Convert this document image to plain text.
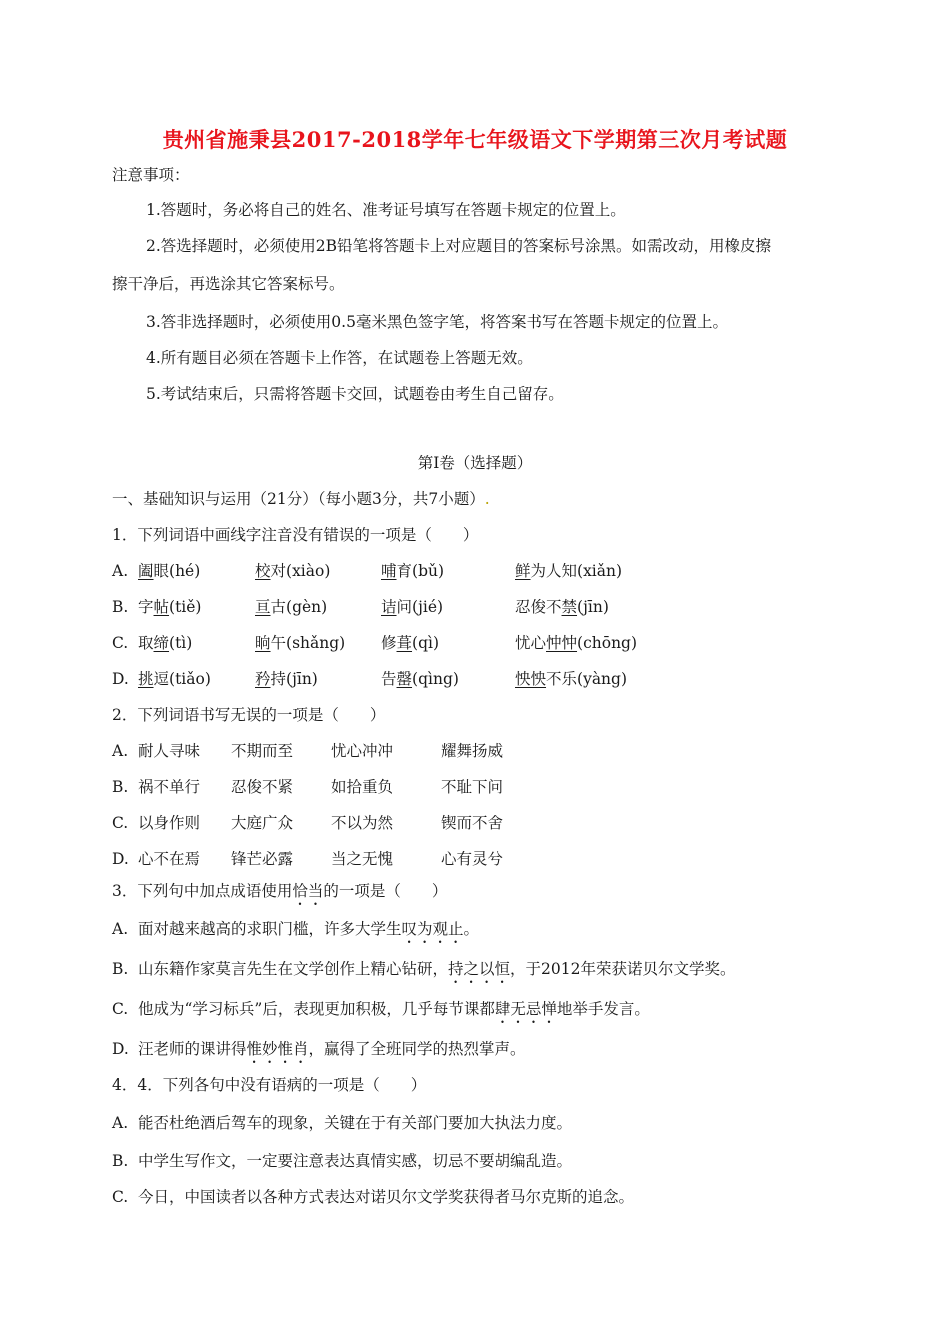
贵州省施秉县2017-2018学年七年级语文下学期第三次月考试题
注意事项：
1.答题时，务必将自己的姓名、准考证号填写在答题卡规定的位置上。
2.答选择题时，必须使用2B铅笔将答题卡上对应题目的答案标号涂黑。如需改动，用橡皮擦
擦干净后，再选涂其它答案标号。
3.答非选择题时，必须使用0.5毫米黑色签字笔，将答案书写在答题卡规定的位置上。
4.所有题目必须在答题卡上作答，在试题卷上答题无效。
5.考试结束后，只需将答题卡交回，试题卷由考生自己留存。
第Ⅰ卷（选择题）
一、基础知识与运用（21分）（每小题3分，共7小题）.
1．下列词语中画线字注音没有错误的一项是（　　）
A. 阖眼(hé)	校对(xiào)	哺育(bǔ)	鲜为人知(xiǎn)
B. 字帖(tiě)	亘古(gèn)	诘问(jié)	忍俊不禁(jīn)
C. 取缔(tì)	晌午(shǎng) 修葺(qì)	忧心忡忡(chōng)
D. 挑逗(tiǎo)	矜持(jīn)	告罄(qìng)	怏怏不乐(yàng)
2．下列词语书写无误的一项是（　　）
A. 耐人寻味 不期而至 忧心冲冲	耀舞扬威
B. 祸不单行 忍俊不紧 如拾重负	不耻下问
C. 以身作则 大庭广众 不以为然	锲而不舍
D. 心不在焉 锋芒必露 当之无愧	心有灵兮
3．下列句中加点成语使用恰当的一项是（　　）
A. 面对越来越高的求职门槛，许多大学生叹为观止。
B. 山东籍作家莫言先生在文学创作上精心钻研，持之以恒，于2012年荣获诺贝尔文学奖。
C. 他成为“学习标兵”后，表现更加积极，几乎每节课都肆无忌惮地举手发言。
D. 汪老师的课讲得惟妙惟肖，赢得了全班同学的热烈掌声。
4．4．下列各句中没有语病的一项是（　　）
A. 能否杜绝酒后驾车的现象，关键在于有关部门要加大执法力度。
B. 中学生写作文，一定要注意表达真情实感，切忌不要胡编乱造。
C. 今日，中国读者以各种方式表达对诺贝尔文学奖获得者马尔克斯的追念。
